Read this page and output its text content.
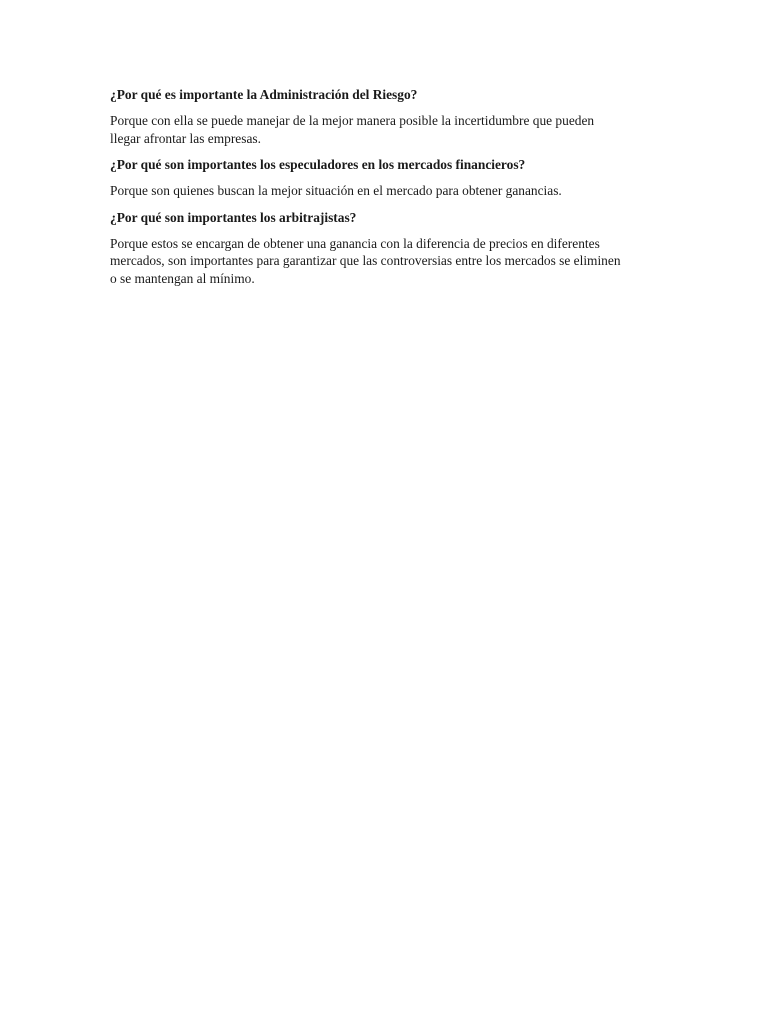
¿Por qué es importante la Administración del Riesgo?
Porque con ella se puede manejar de la mejor manera posible la incertidumbre que pueden
llegar afrontar las empresas.
¿Por qué son importantes los especuladores en los mercados financieros?
Porque son quienes buscan la mejor situación en el mercado para obtener ganancias.
¿Por qué son importantes los arbitrajistas?
Porque estos se encargan de obtener una ganancia con la diferencia de precios en diferentes
mercados, son importantes para garantizar que las controversias entre los mercados se eliminen
o se mantengan al mínimo.
